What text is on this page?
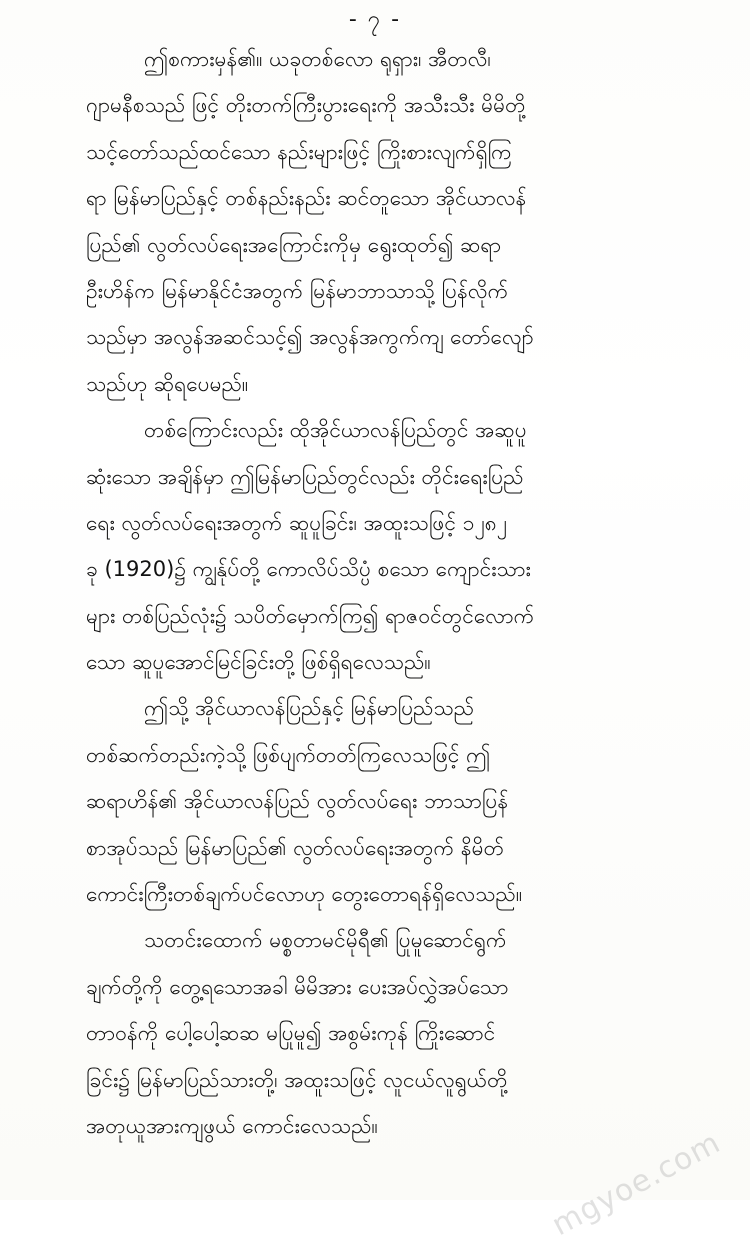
- ၇ -
ဤစကားမှန်၏။ ယခုတစ်လော ရုရှား၊ အီတလီ၊
ဂျာမနီစသည် ဖြင့် တိုးတက်ကြီးပွားရေးကို အသီးသီး မိမိတို့
သင့်တော်သည်ထင်သော နည်းများဖြင့် ကြိုးစားလျက်ရှိကြ
ရာ မြန်မာပြည်နှင့် တစ်နည်းနည်း ဆင်တူသော အိုင်ယာလန်
ပြည်၏ လွတ်လပ်ရေးအကြောင်းကိုမှ ရွေးထုတ်၍ ဆရာ
ဦးဟိန်က မြန်မာနိုင်ငံအတွက် မြန်မာဘာသာသို့ ပြန်လိုက်
သည်မှာ အလွန်အဆင်သင့်၍ အလွန်အကွက်ကျ တော်လျော်
သည်ဟု ဆိုရပေမည်။
တစ်ကြောင်းလည်း ထိုအိုင်ယာလန်ပြည်တွင် အဆူပူ
ဆုံးသော အချိန်မှာ ဤမြန်မာပြည်တွင်လည်း တိုင်းရေးပြည်
ရေး လွတ်လပ်ရေးအတွက် ဆူပူခြင်း၊ အထူးသဖြင့် ၁၂၈၂
ခု (1920)၌ ကျွန်ုပ်တို့ ကောလိပ်သိပ္ပံ စသော ကျောင်းသား
များ တစ်ပြည်လုံး၌ သပိတ်မှောက်ကြ၍ ရာဇဝင်တွင်လောက်
သော ဆူပူအောင်မြင်ခြင်းတို့ ဖြစ်ရှိရလေသည်။
ဤသို့ အိုင်ယာလန်ပြည်နှင့် မြန်မာပြည်သည်
တစ်ဆက်တည်းကဲ့သို့ ဖြစ်ပျက်တတ်ကြလေသဖြင့် ဤ
ဆရာဟိန်၏ အိုင်ယာလန်ပြည် လွတ်လပ်ရေး ဘာသာပြန်
စာအုပ်သည် မြန်မာပြည်၏ လွတ်လပ်ရေးအတွက် နိမိတ်
ကောင်းကြီးတစ်ချက်ပင်လောဟု တွေးတောရန်ရှိလေသည်။
သတင်းထောက် မစ္စတာမင်မိုရီ၏ ပြုမူဆောင်ရွက်
ချက်တို့ကို တွေ့ရသောအခါ မိမိအား ပေးအပ်လွှဲအပ်သော
တာဝန်ကို ပေါ့ပေါ့ဆဆ မပြုမူ၍ အစွမ်းကုန် ကြိုးဆောင်
ခြင်း၌ မြန်မာပြည်သားတို့၊ အထူးသဖြင့် လူငယ်လူရွယ်တို့
အတုယူအားကျဖွယ် ကောင်းလေသည်။	mgyoe.com
